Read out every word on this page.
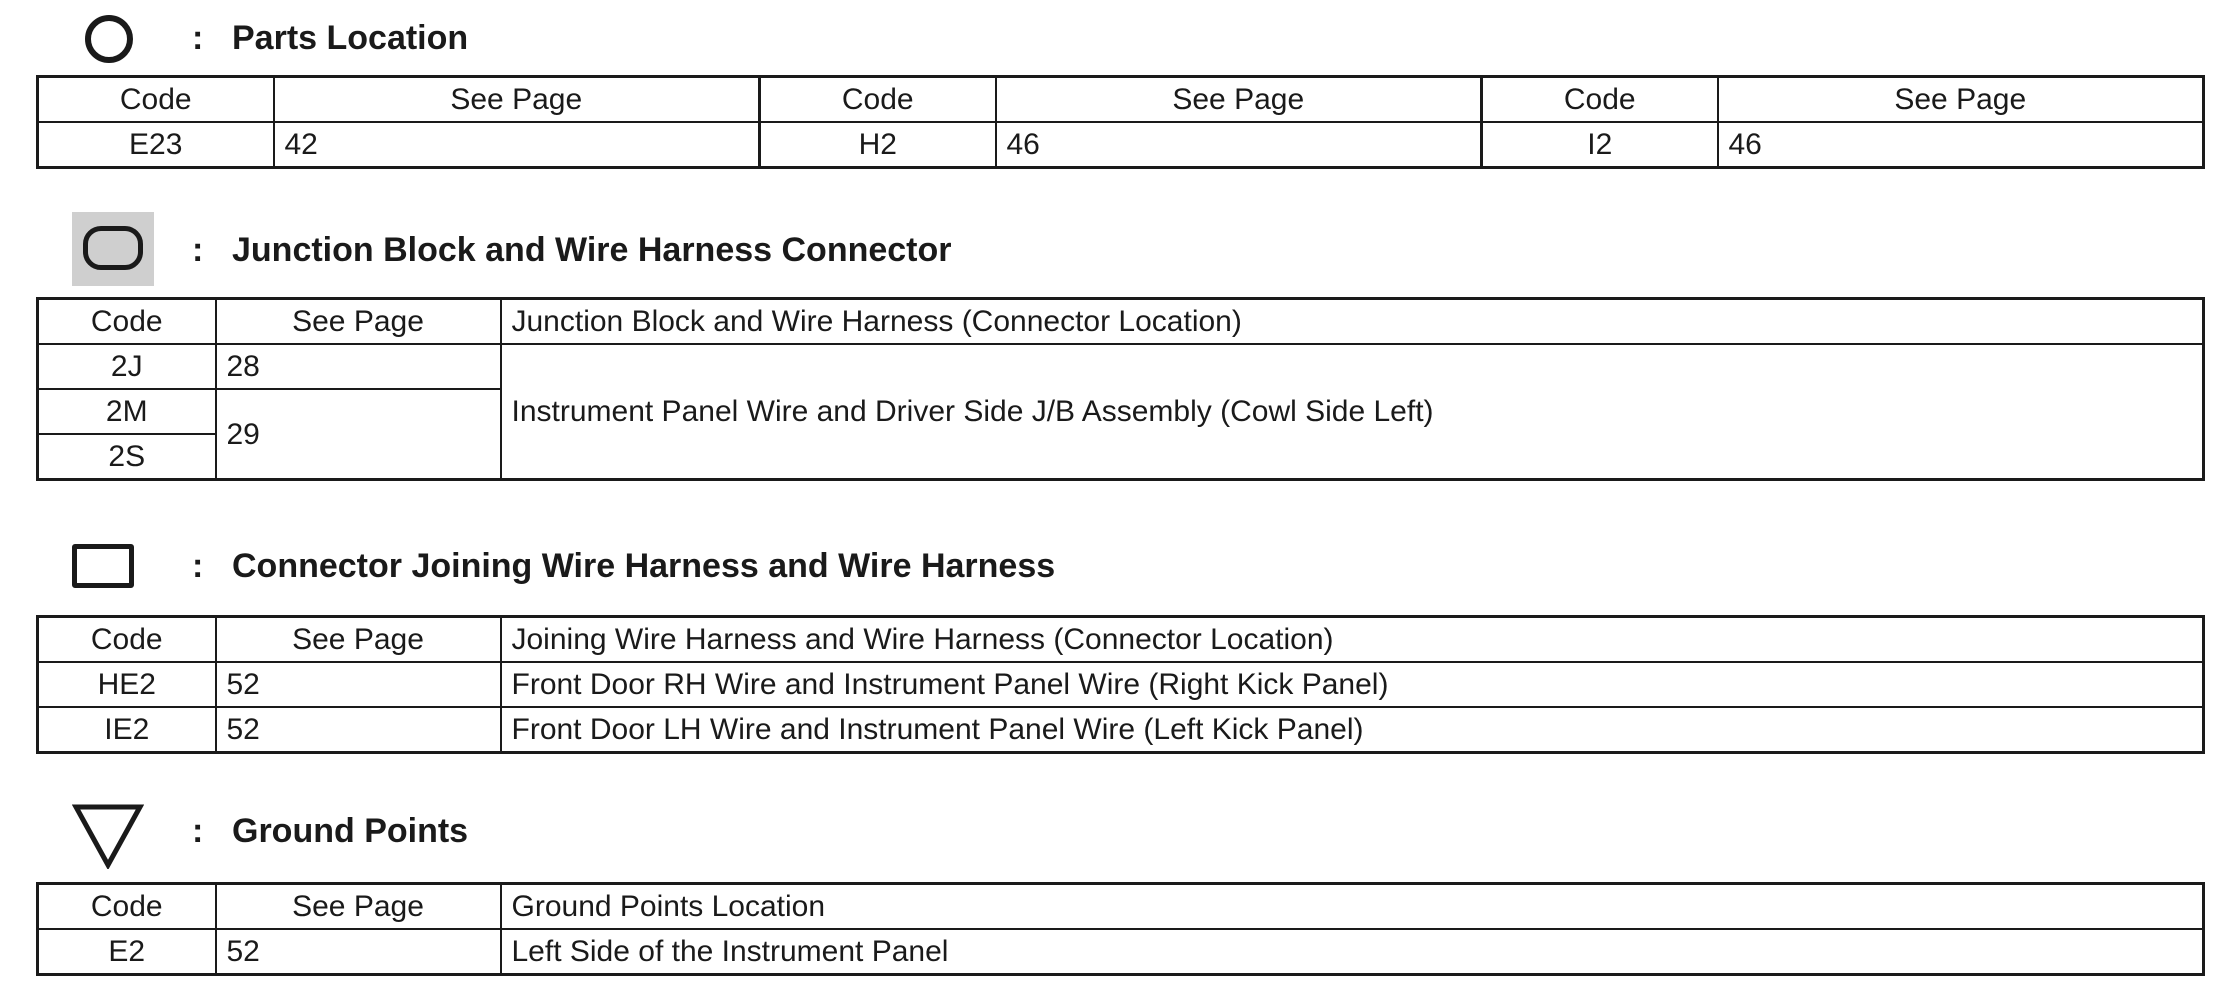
: Parts Location
Code	See Page	Code	See Page	Code	See Page
E23	42	H2	46	I2	46
: Junction Block and Wire Harness Connector
Code	See Page	Junction Block and Wire Harness (Connector Location)
2J	28	Instrument Panel Wire and Driver Side J/B Assembly (Cowl Side Left)
2M	29	
2S		
: Connector Joining Wire Harness and Wire Harness
Code	See Page	Joining Wire Harness and Wire Harness (Connector Location)
HE2	52	Front Door RH Wire and Instrument Panel Wire (Right Kick Panel)
IE2	52	Front Door LH Wire and Instrument Panel Wire (Left Kick Panel)
: Ground Points
Code	See Page	Ground Points Location
E2	52	Left Side of the Instrument Panel
